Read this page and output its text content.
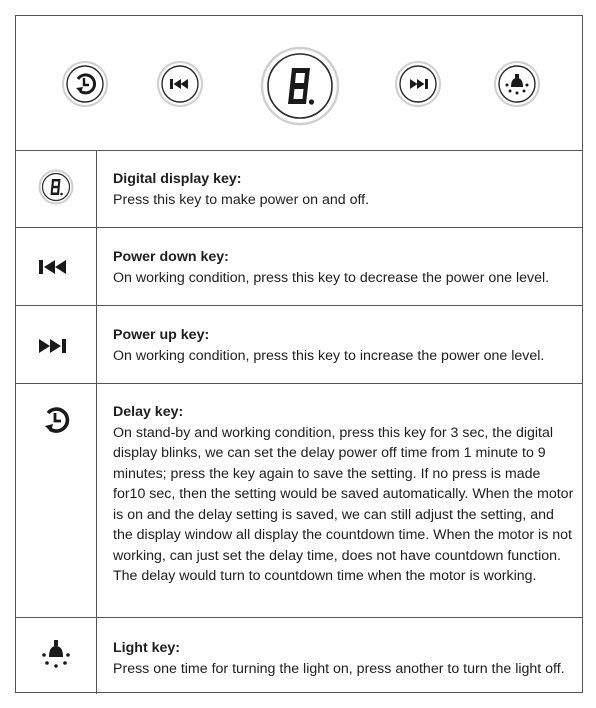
Digital display key:
Press this key to make power on and off.
Power down key:
On working condition, press this key to decrease the power one level.
Power up key:
On working condition, press this key to increase the power one level.
Delay key:
On stand-by and working condition, press this key for 3 sec, the digital display blinks, we can set the delay power off time from 1 minute to 9 minutes; press the key again to save the setting. If no press is made for10 sec, then the setting would be saved automatically. When the motor is on and the delay setting is saved, we can still adjust the setting, and the display window all display the countdown time. When the motor is not working, can just set the delay time, does not have countdown function. The delay would turn to countdown time when the motor is working.
Light key:
Press one time for turning the light on, press another to turn the light off.
